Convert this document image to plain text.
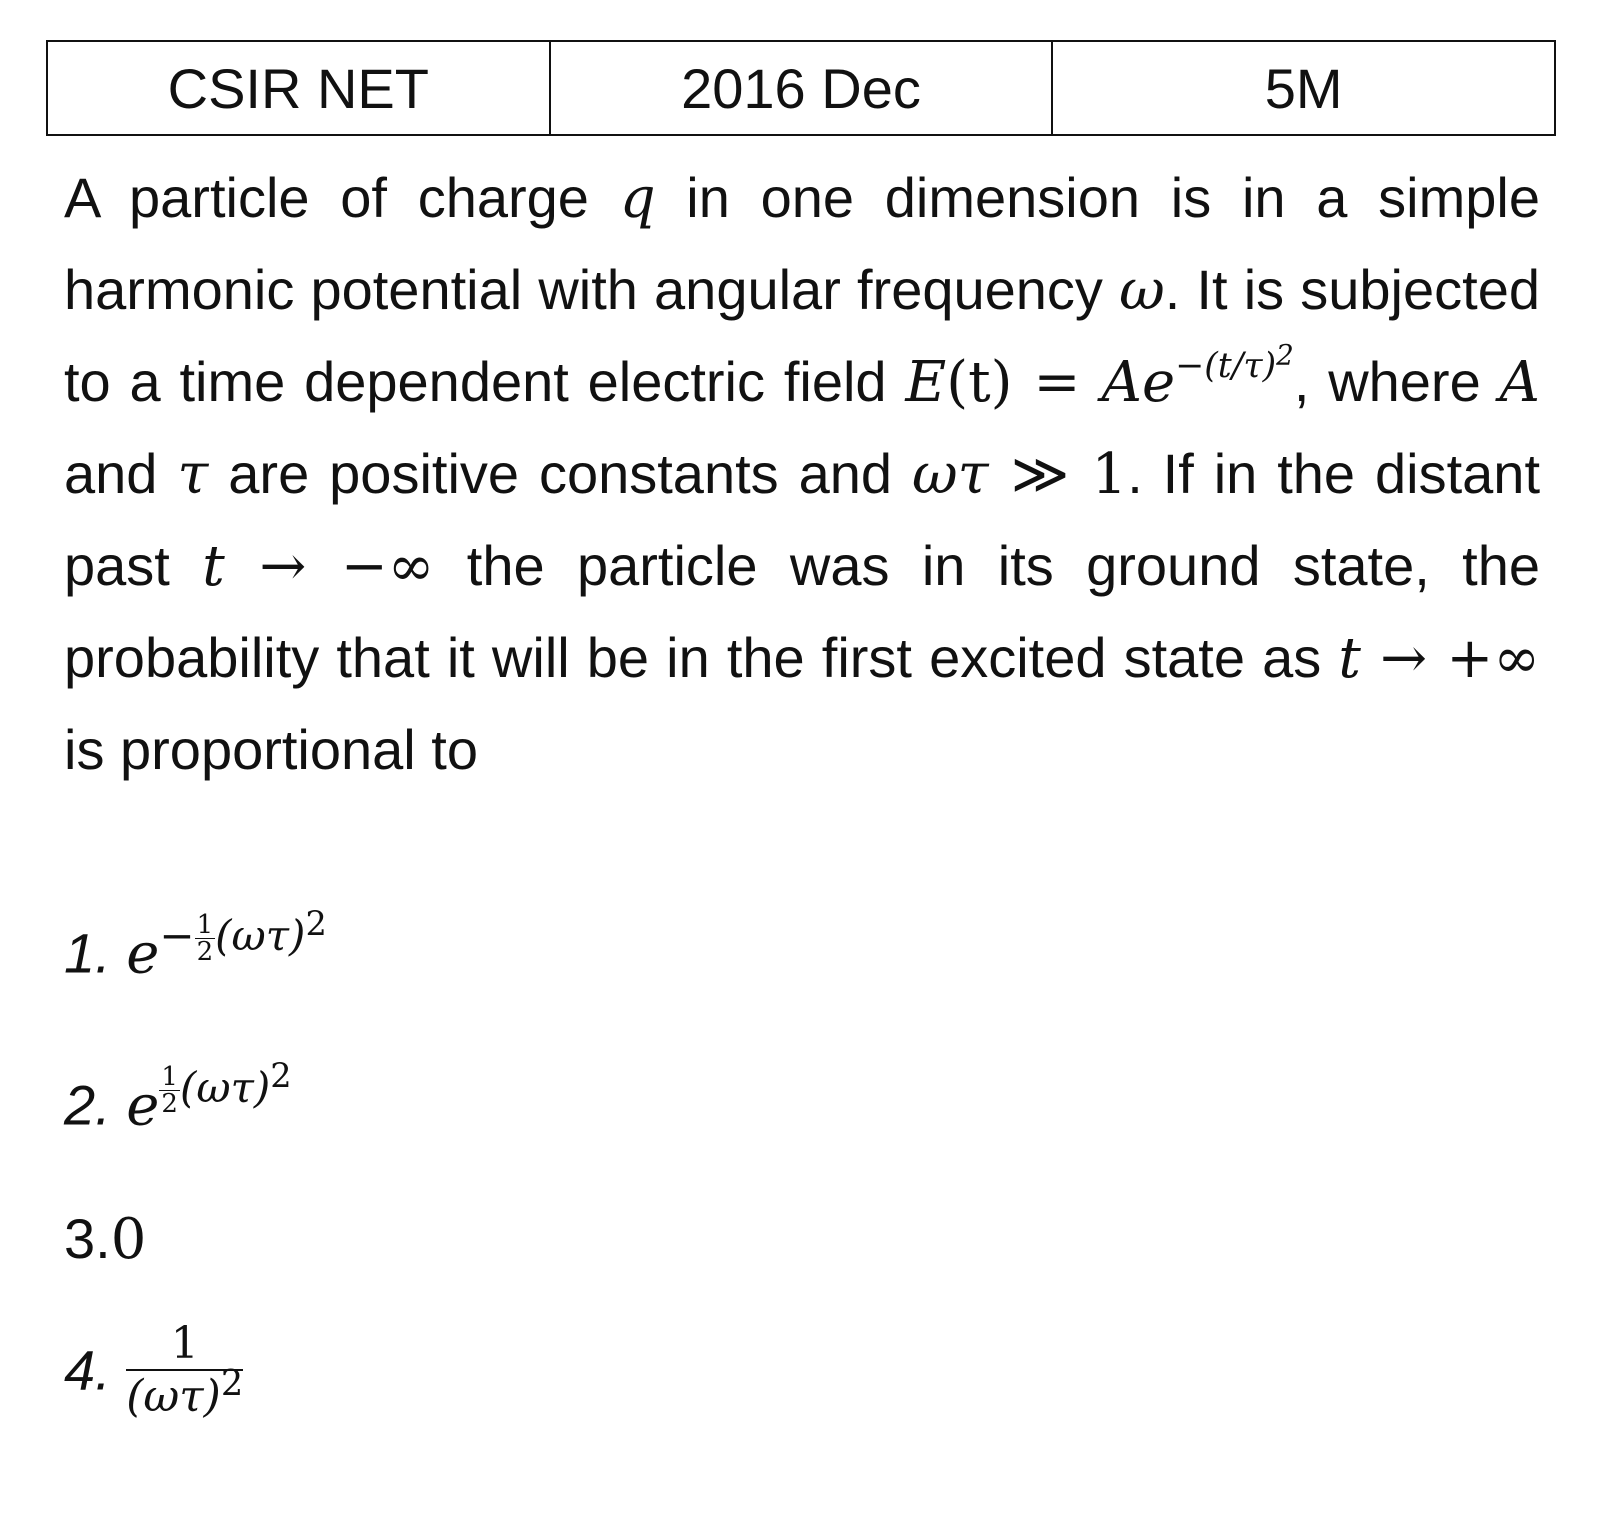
CSIR NET	2016 Dec	5M

A particle of charge q in one dimension is in a simple harmonic potential with angular frequency ω. It is subjected to a time dependent electric field $E(t) = Ae^{-(t/\tau)^2}$, where A and τ are positive constants and ωτ ≫ 1. If in the distant past t → −∞ the particle was in its ground state, the probability that it will be in the first excited state as t → +∞ is proportional to

1. $e^{- \frac{1}{2} (\omega\tau)^2}$
2. e $^{\frac{1}{2} (\omega\tau)^2}$
3.0
4. $\frac{1}{(\omega\tau)^2}$
